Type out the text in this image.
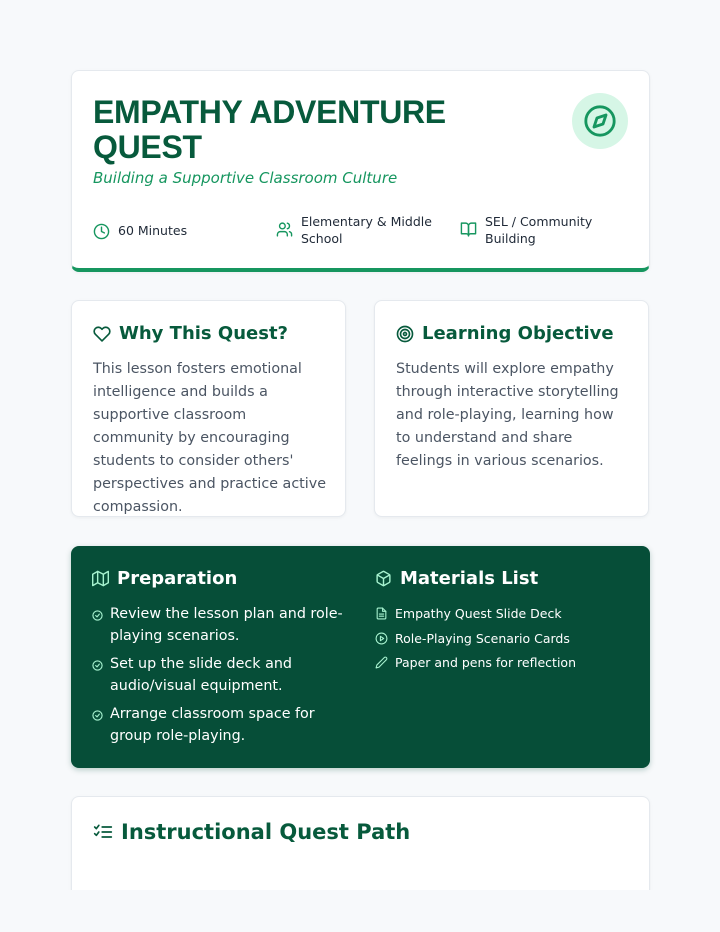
EMPATHY ADVENTURE QUEST
Building a Supportive Classroom Culture
60 Minutes
Elementary & Middle School
SEL / Community Building
Why This Quest?

This lesson fosters emotional intelligence and builds a supportive classroom community by encouraging students to consider others' perspectives and practice active compassion.

Learning Objective

Students will explore empathy through interactive storytelling and role-playing, learning how to understand and share feelings in various scenarios.

Preparation
Review the lesson plan and role-playing scenarios.
Set up the slide deck and audio/visual equipment.
Arrange classroom space for group role-playing.
Materials List
Empathy Quest Slide Deck
Role-Playing Scenario Cards
Paper and pens for reflection
Instructional Quest Path
